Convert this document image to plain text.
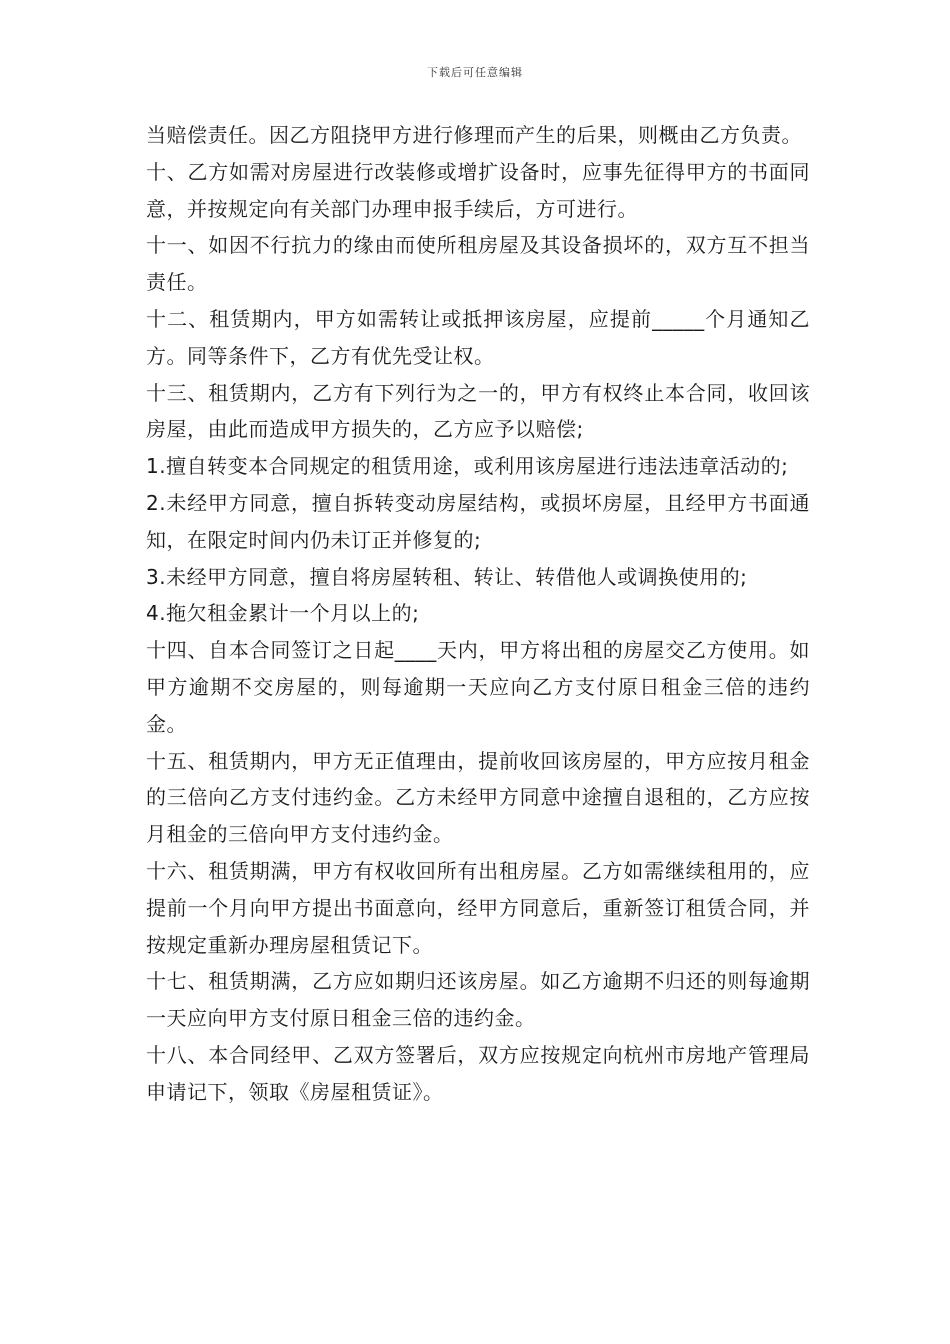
下载后可任意编辑

当赔偿责任。因乙方阻挠甲方进行修理而产生的后果，则概由乙方负责。

十、乙方如需对房屋进行改装修或增扩设备时，应事先征得甲方的书面同意，并按规定向有关部门办理申报手续后，方可进行。

十一、如因不行抗力的缘由而使所租房屋及其设备损坏的，双方互不担当责任。

十二、租赁期内，甲方如需转让或抵押该房屋，应提前_____个月通知乙方。同等条件下，乙方有优先受让权。

十三、租赁期内，乙方有下列行为之一的，甲方有权终止本合同，收回该房屋，由此而造成甲方损失的，乙方应予以赔偿;

1.擅自转变本合同规定的租赁用途，或利用该房屋进行违法违章活动的;

2.未经甲方同意，擅自拆转变动房屋结构，或损坏房屋，且经甲方书面通知，在限定时间内仍未订正并修复的;

3.未经甲方同意，擅自将房屋转租、转让、转借他人或调换使用的;

4.拖欠租金累计一个月以上的;

十四、自本合同签订之日起____天内，甲方将出租的房屋交乙方使用。如甲方逾期不交房屋的，则每逾期一天应向乙方支付原日租金三倍的违约金。

十五、租赁期内，甲方无正值理由，提前收回该房屋的，甲方应按月租金的三倍向乙方支付违约金。乙方未经甲方同意中途擅自退租的，乙方应按月租金的三倍向甲方支付违约金。

十六、租赁期满，甲方有权收回所有出租房屋。乙方如需继续租用的，应提前一个月向甲方提出书面意向，经甲方同意后，重新签订租赁合同，并按规定重新办理房屋租赁记下。

十七、租赁期满，乙方应如期归还该房屋。如乙方逾期不归还的则每逾期一天应向甲方支付原日租金三倍的违约金。

十八、本合同经甲、乙双方签署后，双方应按规定向杭州市房地产管理局申请记下，领取《房屋租赁证》。
